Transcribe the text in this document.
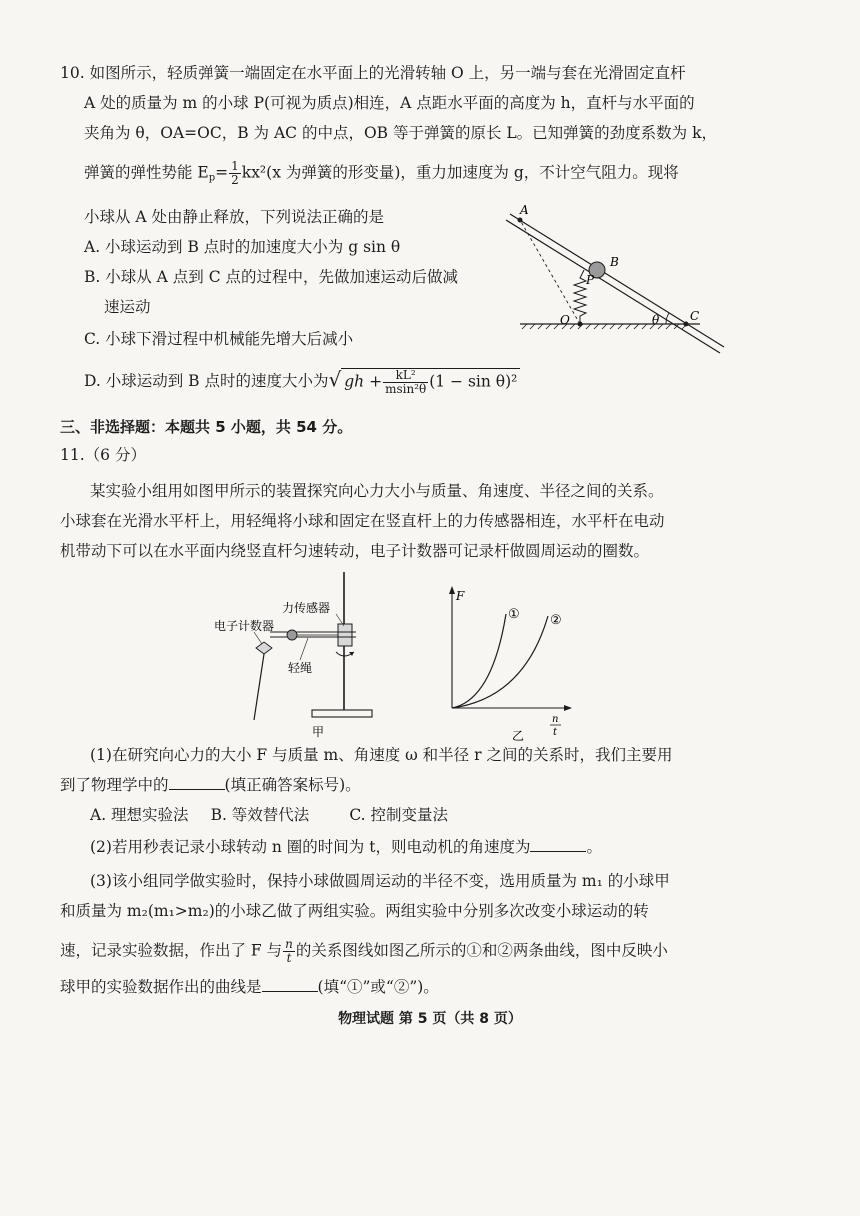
10. 如图所示，轻质弹簧一端固定在水平面上的光滑转轴 O 上，另一端与套在光滑固定直杆
A 处的质量为 m 的小球 P(可视为质点)相连，A 点距水平面的高度为 h，直杆与水平面的
夹角为 θ，OA=OC，B 为 AC 的中点，OB 等于弹簧的原长 L。已知弹簧的劲度系数为 k，
弹簧的弹性势能 $E_p= \frac{1}{2} kx^2(x$ 为弹簧的形变量)，重力加速度为 g，不计空气阻力。现将
小球从 A 处由静止释放，下列说法正确的是
A. 小球运动到 B 点时的加速度大小为 g sin θ
B. 小球从 A 点到 C 点的过程中，先做加速运动后做减
速运动
C. 小球下滑过程中机械能先增大后减小
D. 小球运动到 B 点时的速度大小为√ gh + $\frac{\text{kL²}}{\text{msin²θ}} (1 - \sin \theta)^2$
A
B
P
O	C
θ
三、非选择题：本题共 5 小题，共 54 分。
11.（6 分）
某实验小组用如图甲所示的装置探究向心力大小与质量、角速度、半径之间的关系。
小球套在光滑水平杆上，用轻绳将小球和固定在竖直杆上的力传感器相连，水平杆在电动
机带动下可以在水平面内绕竖直杆匀速转动，电子计数器可记录杆做圆周运动的圈数。
力传感器
电子计数器
轻绳
甲
F
① ②
n
t
乙
(1)在研究向心力的大小 F 与质量 m、角速度 ω 和半径 r 之间的关系时，我们主要用
到了物理学中的	(填正确答案标号)。
A. 理想实验法 B. 等效替代法	C. 控制变量法
(2)若用秒表记录小球转动 n 圈的时间为 t，则电动机的角速度为	。
(3)该小组同学做实验时，保持小球做圆周运动的半径不变，选用质量为 m₁ 的小球甲
和质量为 m₂(m₁>m₂)的小球乙做了两组实验。两组实验中分别多次改变小球运动的转
速，记录实验数据，作出了 F 与 $\frac{n}{t}$ 的关系图线如图乙所示的①和②两条曲线，图中反映小
球甲的实验数据作出的曲线是	(填“①”或“②”)。
物理试题 第 5 页（共 8 页）
